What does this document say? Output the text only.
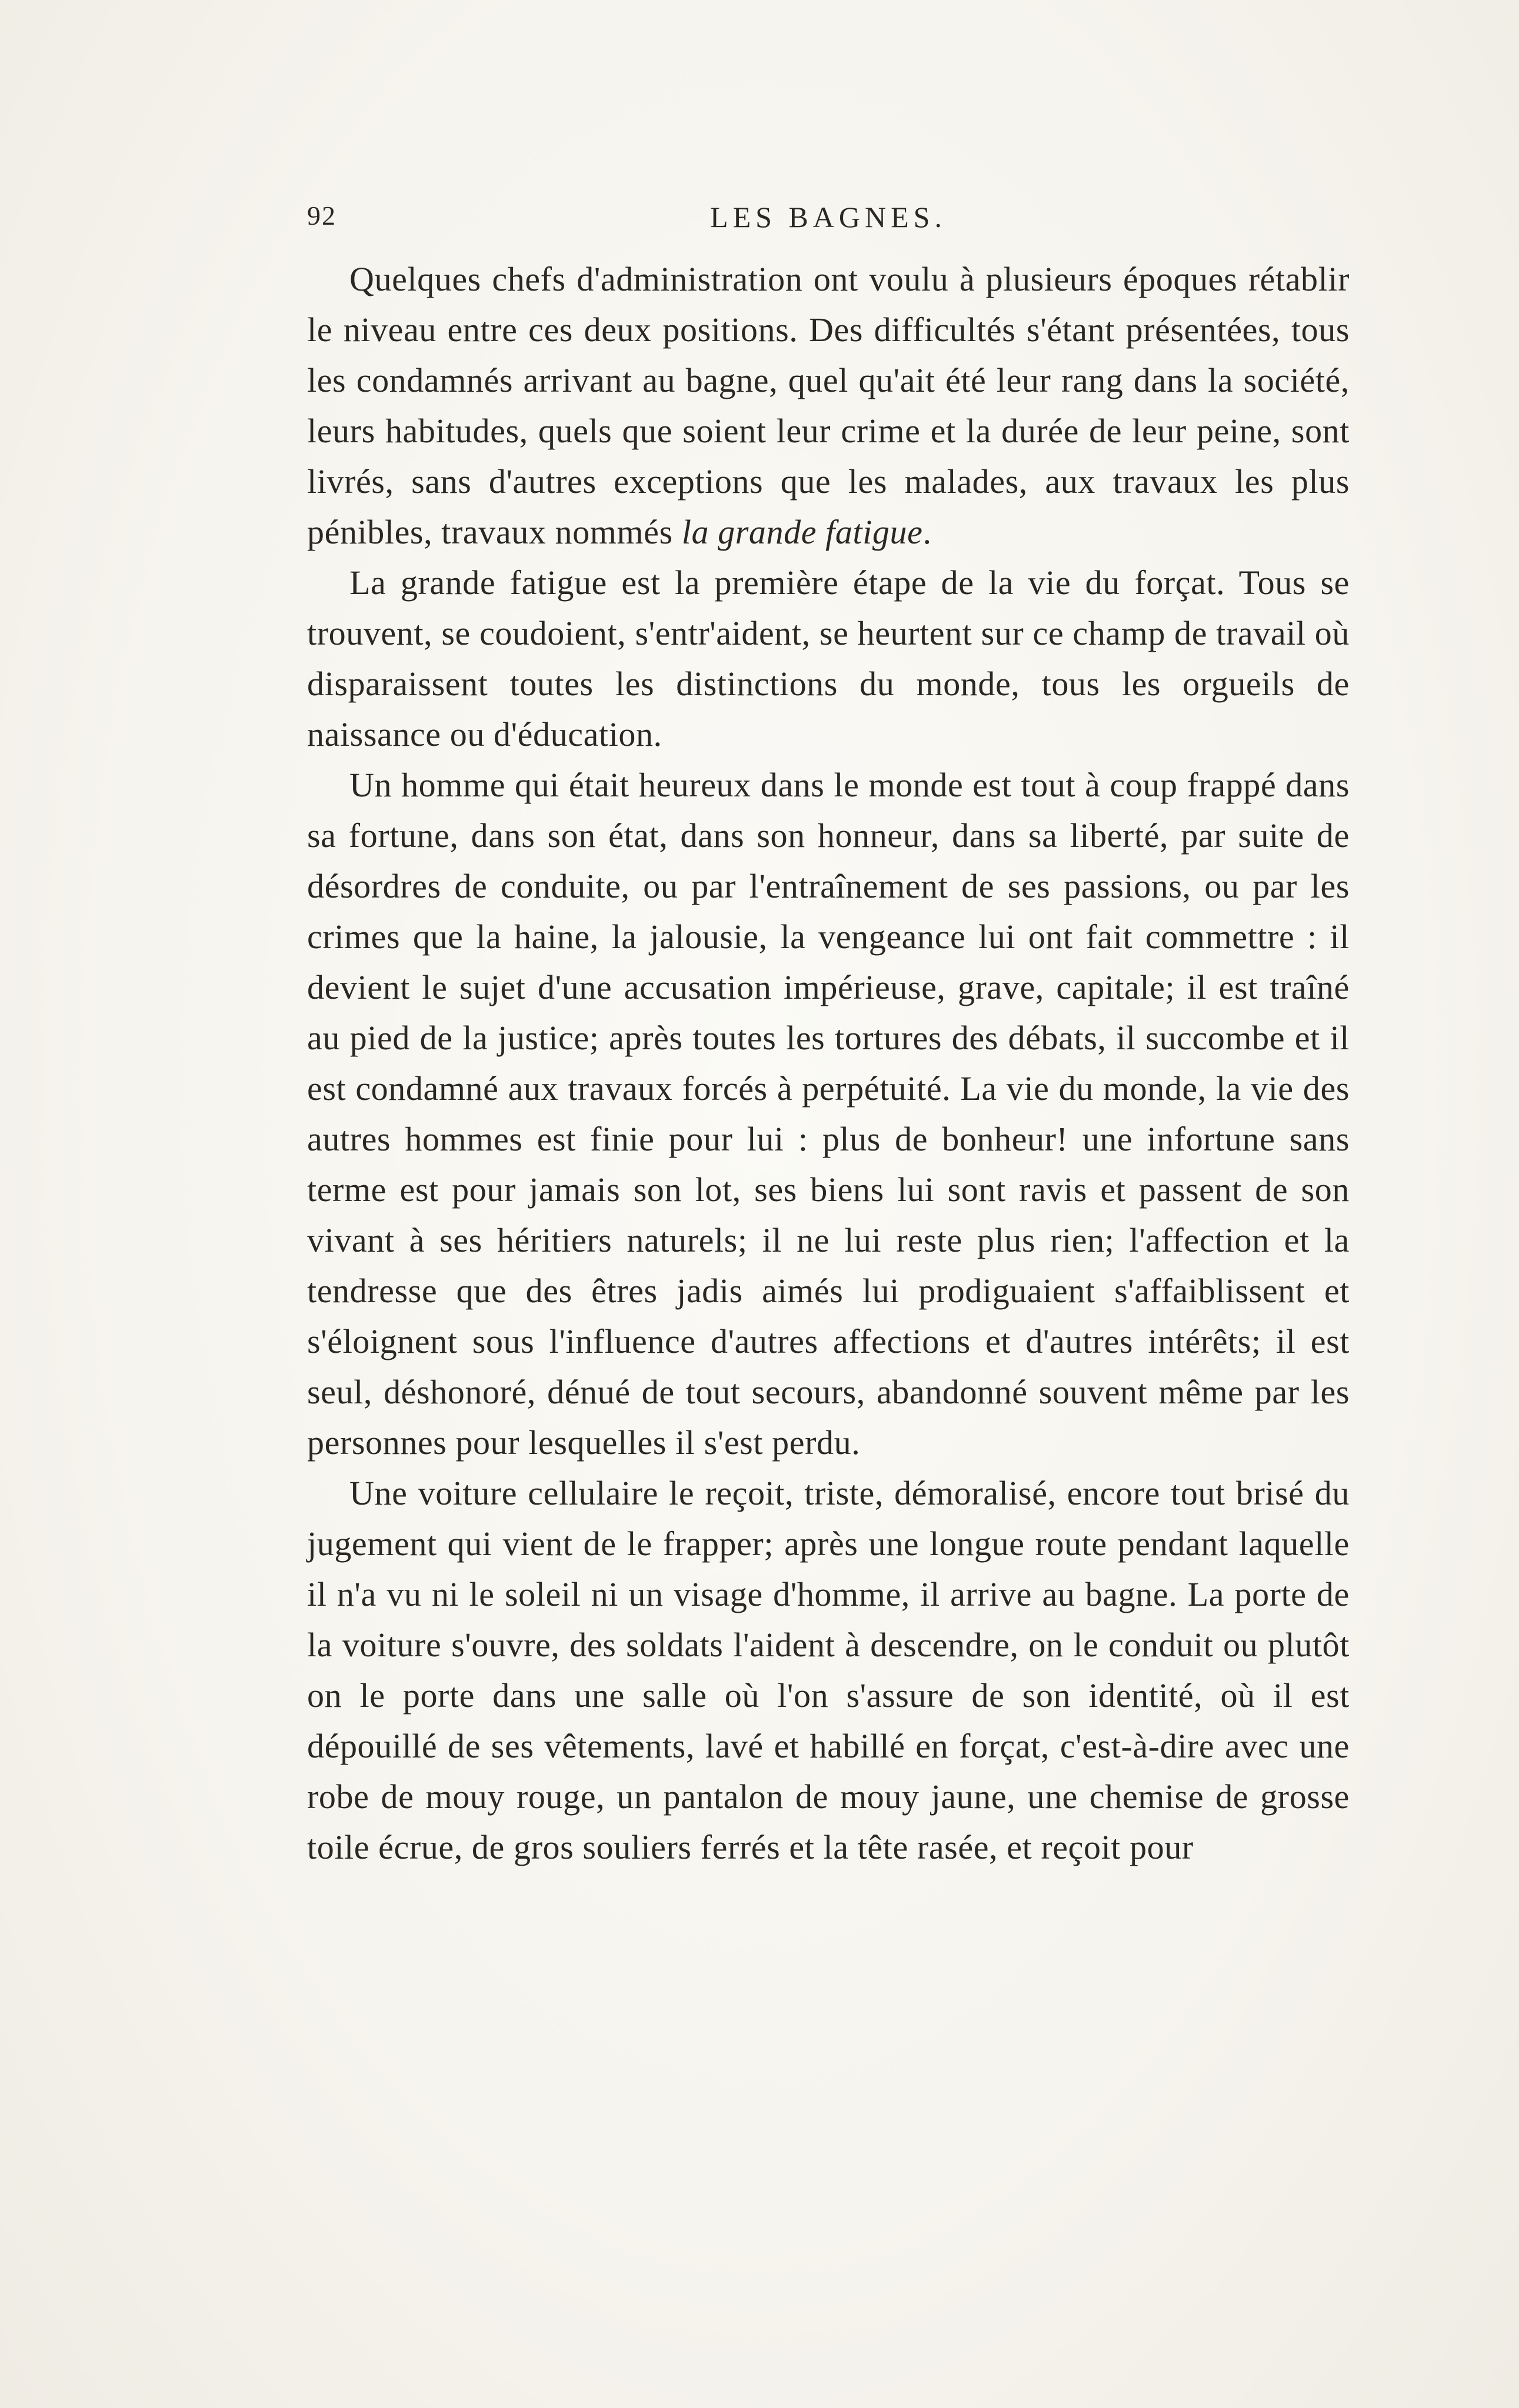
92	LES BAGNES.

Quelques chefs d'administration ont voulu à plusieurs époques rétablir le niveau entre ces deux positions. Des difficultés s'étant présentées, tous les condamnés arrivant au bagne, quel qu'ait été leur rang dans la société, leurs habitudes, quels que soient leur crime et la durée de leur peine, sont livrés, sans d'autres exceptions que les malades, aux travaux les plus pénibles, travaux nommés la grande fatigue.

La grande fatigue est la première étape de la vie du forçat. Tous se trouvent, se coudoient, s'entr'aident, se heurtent sur ce champ de travail où disparaissent toutes les distinctions du monde, tous les orgueils de naissance ou d'éducation.

Un homme qui était heureux dans le monde est tout à coup frappé dans sa fortune, dans son état, dans son honneur, dans sa liberté, par suite de désordres de conduite, ou par l'entraînement de ses passions, ou par les crimes que la haine, la jalousie, la vengeance lui ont fait commettre : il devient le sujet d'une accusation impérieuse, grave, capitale; il est traîné au pied de la justice; après toutes les tortures des débats, il succombe et il est condamné aux travaux forcés à perpétuité. La vie du monde, la vie des autres hommes est finie pour lui : plus de bonheur! une infortune sans terme est pour jamais son lot, ses biens lui sont ravis et passent de son vivant à ses héritiers naturels; il ne lui reste plus rien; l'affection et la tendresse que des êtres jadis aimés lui prodiguaient s'affaiblissent et s'éloignent sous l'influence d'autres affections et d'autres intérêts; il est seul, déshonoré, dénué de tout secours, abandonné souvent même par les personnes pour lesquelles il s'est perdu.

Une voiture cellulaire le reçoit, triste, démoralisé, encore tout brisé du jugement qui vient de le frapper; après une longue route pendant laquelle il n'a vu ni le soleil ni un visage d'homme, il arrive au bagne. La porte de la voiture s'ouvre, des soldats l'aident à descendre, on le conduit ou plutôt on le porte dans une salle où l'on s'assure de son identité, où il est dépouillé de ses vêtements, lavé et habillé en forçat, c'est-à-dire avec une robe de mouy rouge, un pantalon de mouy jaune, une chemise de grosse toile écrue, de gros souliers ferrés et la tête rasée, et reçoit pour
